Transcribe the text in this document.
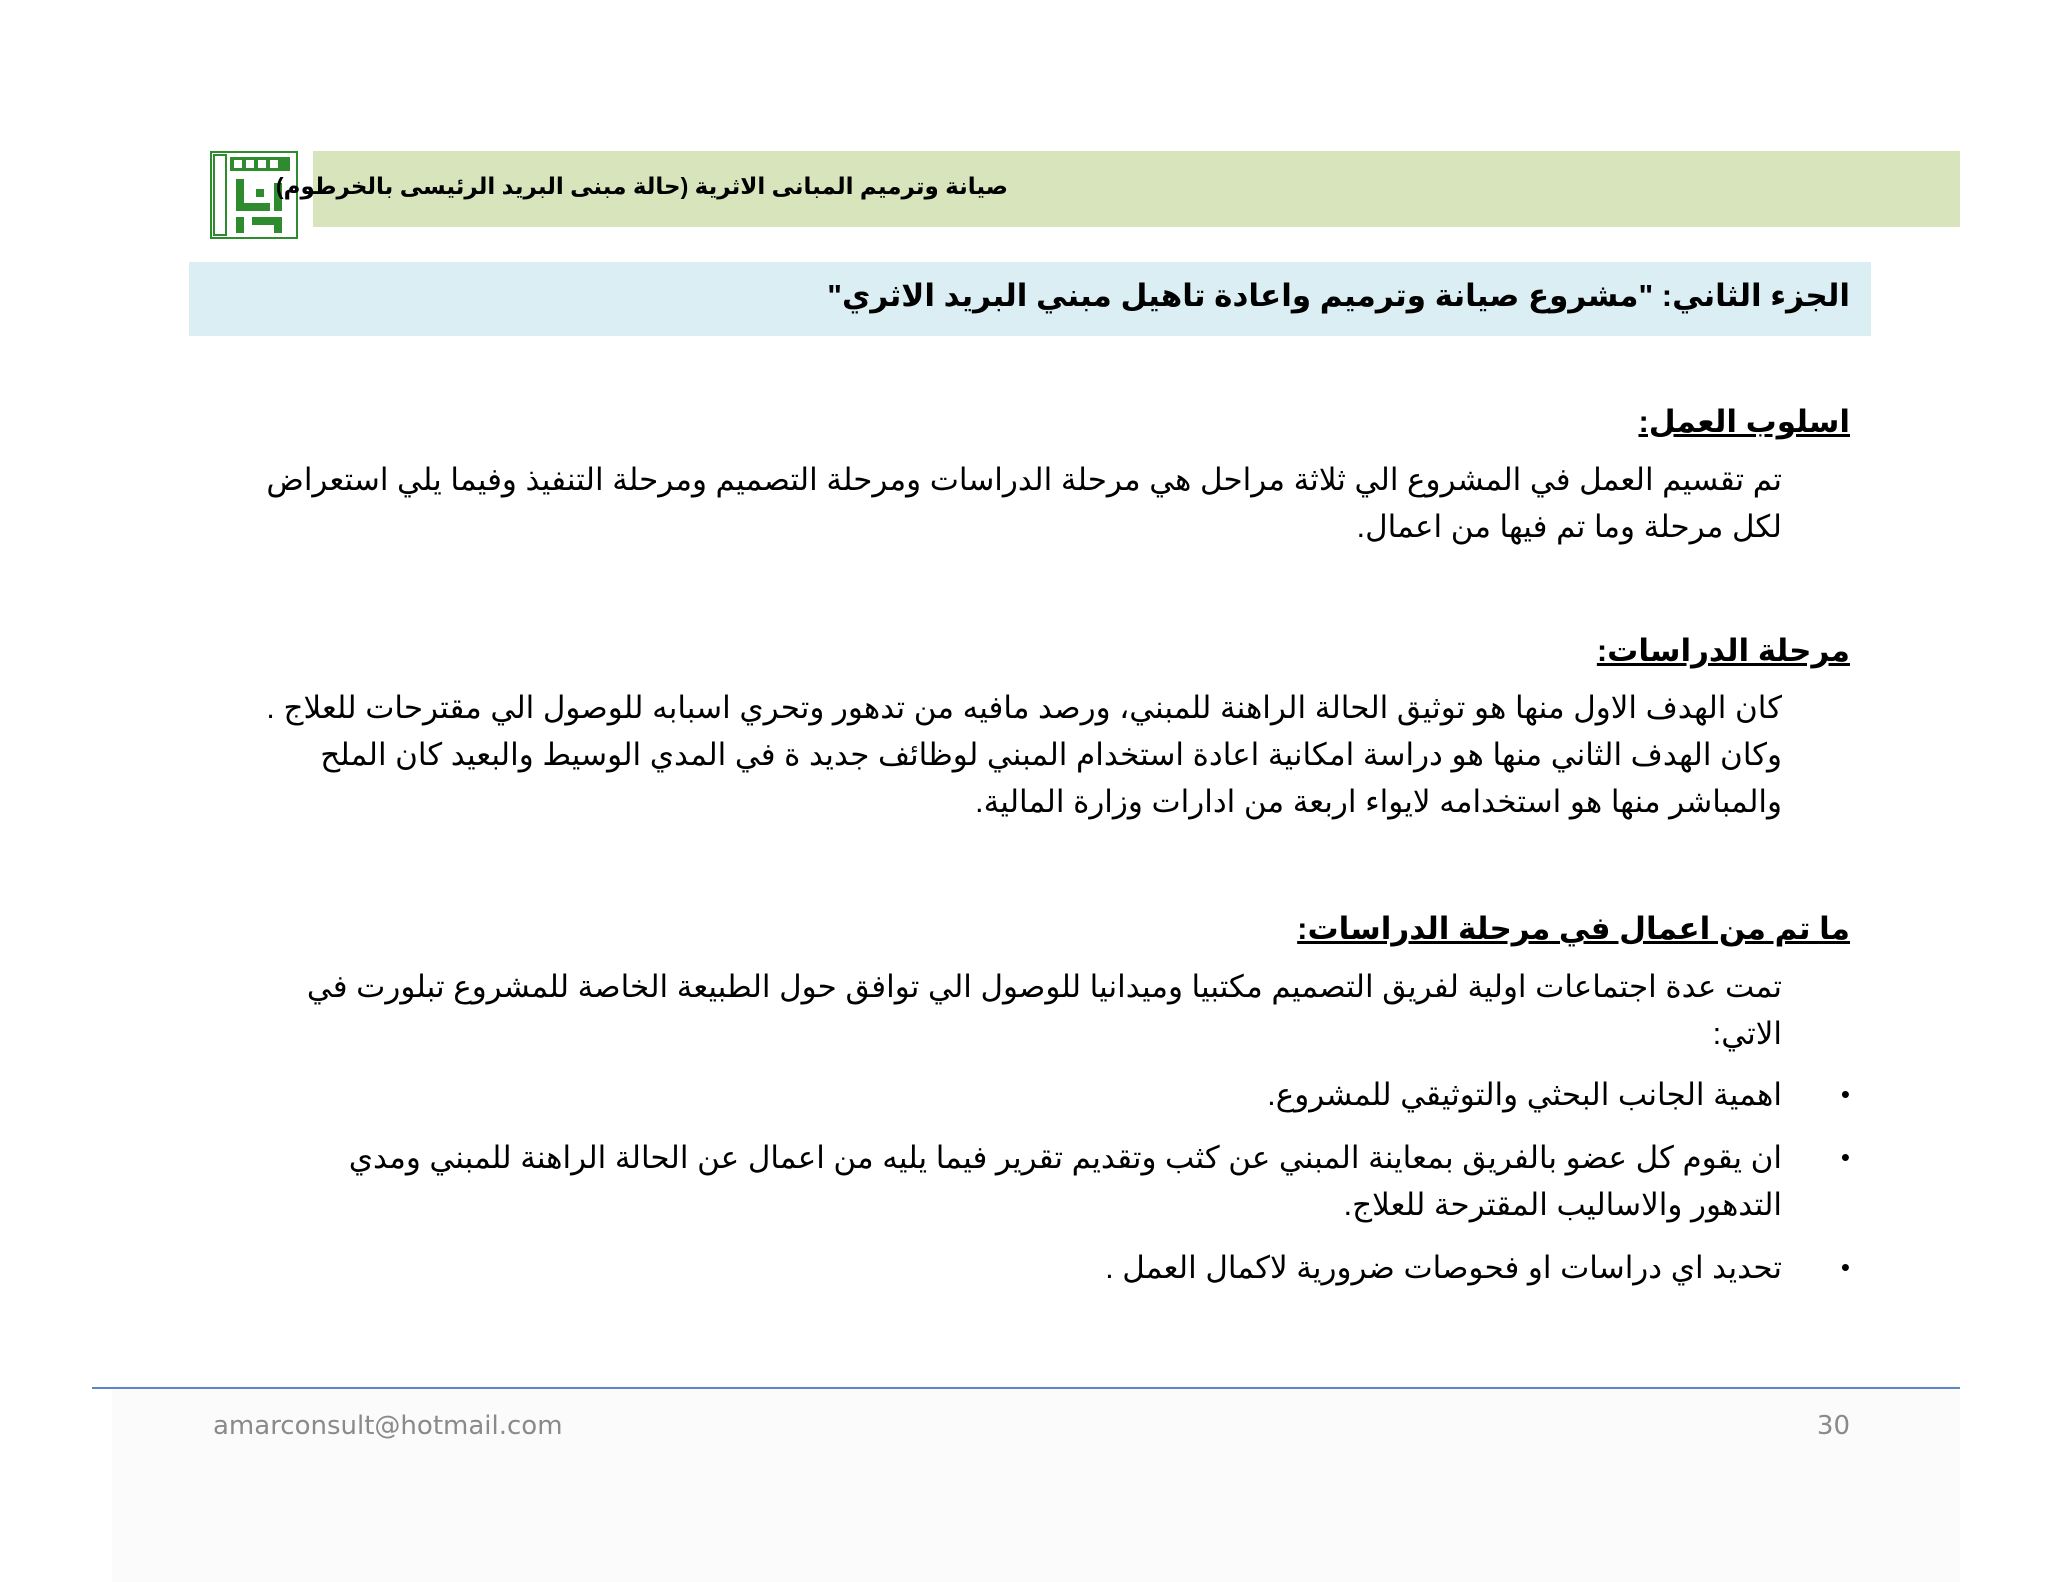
صيانة وترميم المبانى الاثرية (حالة مبنى البريد الرئيسى بالخرطوم)
الجزء الثاني: "مشروع صيانة وترميم واعادة تاهيل مبني البريد الاثري"
اسلوب العمل:

تم تقسيم العمل في المشروع الي ثلاثة مراحل هي مرحلة الدراسات ومرحلة التصميم ومرحلة التنفيذ وفيما يلي استعراض لكل مرحلة وما تم فيها من اعمال.

مرحلة الدراسات:

كان الهدف الاول منها هو توثيق الحالة الراهنة للمبني، ورصد مافيه من تدهور وتحري اسبابه للوصول الي مقترحات للعلاج . وكان الهدف الثاني منها هو دراسة امكانية اعادة استخدام المبني لوظائف جديد ة في المدي الوسيط والبعيد كان الملح والمباشر منها هو استخدامه لايواء اربعة من ادارات وزارة المالية.

ما تم من اعمال في مرحلة الدراسات:

تمت عدة اجتماعات اولية لفريق التصميم مكتبيا وميدانيا للوصول الي توافق حول الطبيعة الخاصة للمشروع تبلورت في الاتي:

•
اهمية الجانب البحثي والتوثيقي للمشروع.
•
ان يقوم كل عضو بالفريق بمعاينة المبني عن كثب وتقديم تقرير فيما يليه من اعمال عن الحالة الراهنة للمبني ومدي التدهور والاساليب المقترحة للعلاج.
•
تحديد اي دراسات او فحوصات ضرورية لاكمال العمل .
amarconsult@hotmail.com	30
